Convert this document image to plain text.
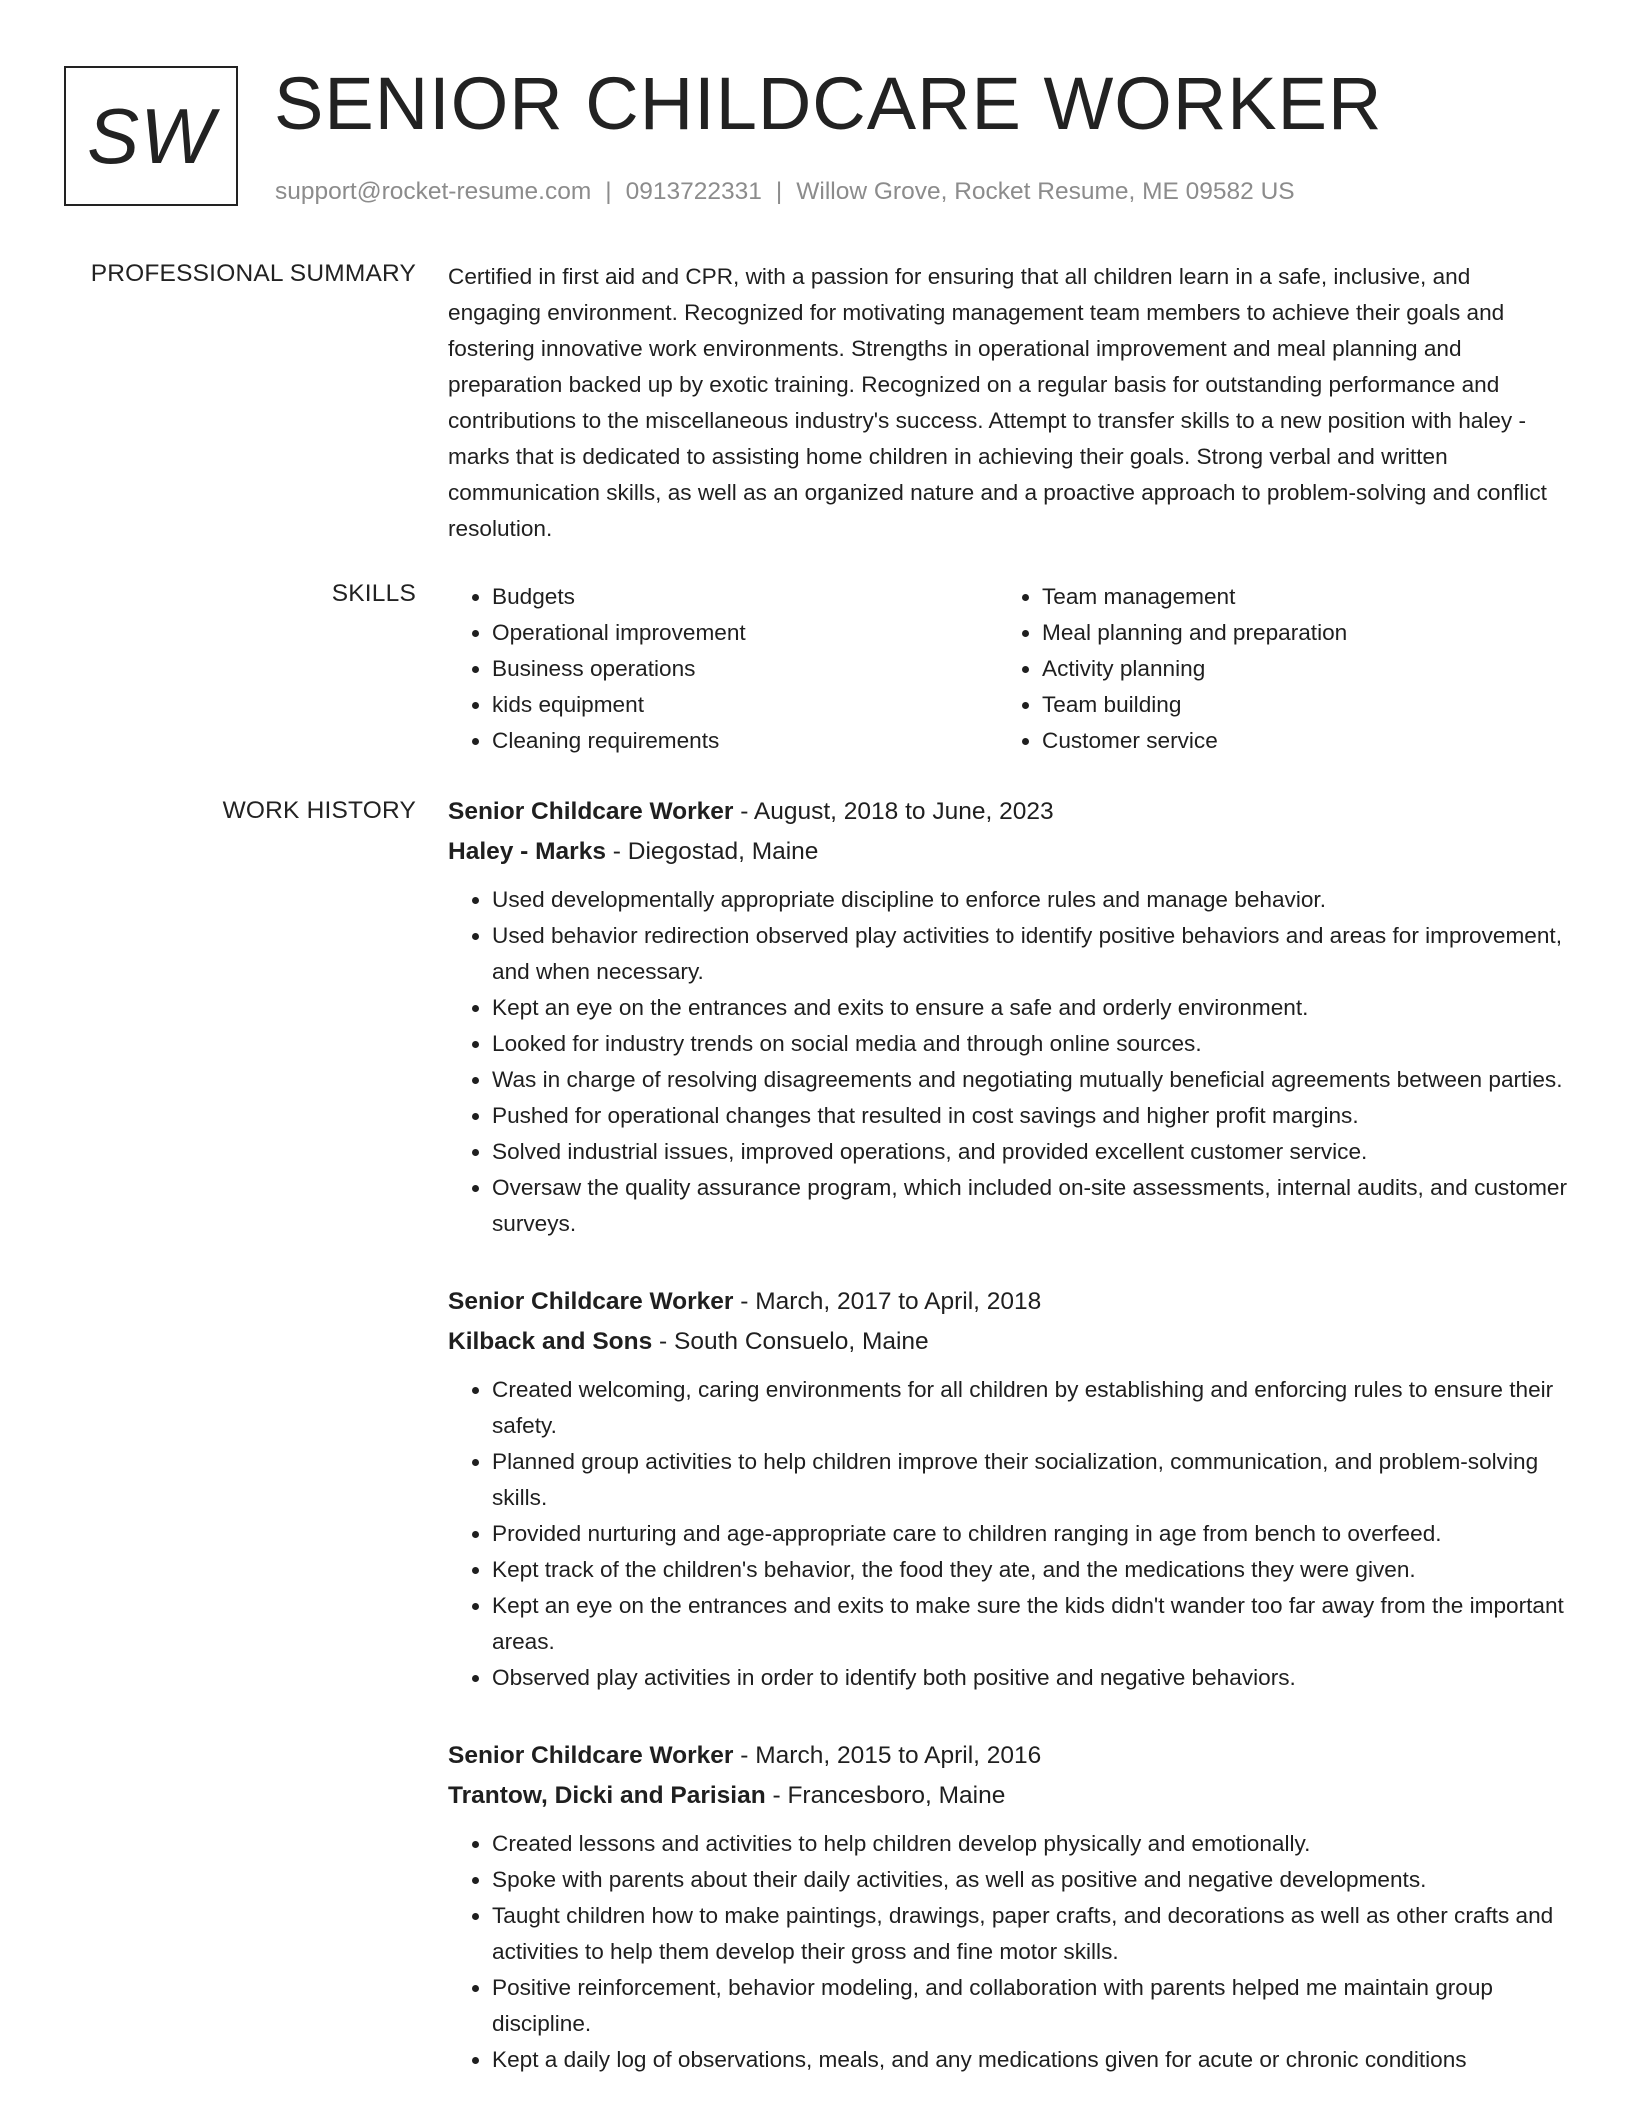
SW SENIOR CHILDCARE WORKER
support@rocket-resume.com | 0913722331 | Willow Grove, Rocket Resume, ME 09582 US
PROFESSIONAL SUMMARY Certified in first aid and CPR, with a passion for ensuring that all children learn in a safe, inclusive, and engaging environment. Recognized for motivating management team members to achieve their goals and fostering innovative work environments. Strengths in operational improvement and meal planning and preparation backed up by exotic training. Recognized on a regular basis for outstanding performance and contributions to the miscellaneous industry's success. Attempt to transfer skills to a new position with haley - marks that is dedicated to assisting home children in achieving their goals. Strong verbal and written communication skills, as well as an organized nature and a proactive approach to problem-solving and conflict resolution.

SKILLS
•	Budgets
• Operational improvement
• Business operations
• kids equipment
• Cleaning requirements
• Team management
• Meal planning and preparation
• Activity planning
• Team building
• Customer service
WORK HISTORY Senior Childcare Worker - August, 2018 to June, 2023
Haley - Marks - Diegostad, Maine
• Used developmentally appropriate discipline to enforce rules and manage behavior.
• Used behavior redirection observed play activities to identify positive behaviors and areas for improvement, and when necessary.
• Kept an eye on the entrances and exits to ensure a safe and orderly environment.
• Looked for industry trends on social media and through online sources.
• Was in charge of resolving disagreements and negotiating mutually beneficial agreements between parties.
• Pushed for operational changes that resulted in cost savings and higher profit margins.
• Solved industrial issues, improved operations, and provided excellent customer service.
• Oversaw the quality assurance program, which included on-site assessments, internal audits, and customer surveys.
Senior Childcare Worker - March, 2017 to April, 2018
Kilback and Sons - South Consuelo, Maine
• Created welcoming, caring environments for all children by establishing and enforcing rules to ensure their safety.
• Planned group activities to help children improve their socialization, communication, and problem-solving skills.
• Provided nurturing and age-appropriate care to children ranging in age from bench to overfeed.
• Kept track of the children's behavior, the food they ate, and the medications they were given.
• Kept an eye on the entrances and exits to make sure the kids didn't wander too far away from the important areas.
• Observed play activities in order to identify both positive and negative behaviors.
Senior Childcare Worker - March, 2015 to April, 2016
Trantow, Dicki and Parisian - Francesboro, Maine
• Created lessons and activities to help children develop physically and emotionally.
• Spoke with parents about their daily activities, as well as positive and negative developments.
• Taught children how to make paintings, drawings, paper crafts, and decorations as well as other crafts and activities to help them develop their gross and fine motor skills.
• Positive reinforcement, behavior modeling, and collaboration with parents helped me maintain group discipline.
• Kept a daily log of observations, meals, and any medications given for acute or chronic conditions
